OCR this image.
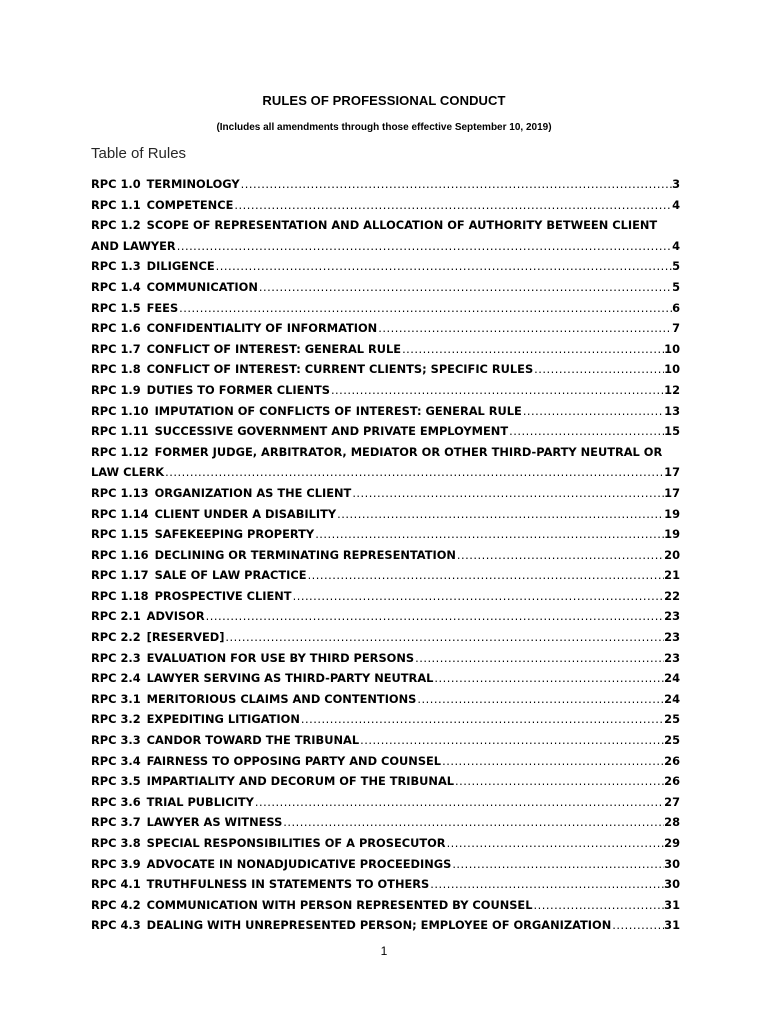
RULES OF PROFESSIONAL CONDUCT
(Includes all amendments through those effective September 10, 2019)
Table of Rules
RPC 1.0 TERMINOLOGY .....	3
RPC 1.1 COMPETENCE .....	4
RPC 1.2 SCOPE OF REPRESENTATION AND ALLOCATION OF AUTHORITY BETWEEN CLIENT
AND LAWYER .....	4
RPC 1.3 DILIGENCE .....	5
RPC 1.4 COMMUNICATION .....	5
RPC 1.5 FEES .....	6
RPC 1.6 CONFIDENTIALITY OF INFORMATION .....	7
RPC 1.7 CONFLICT OF INTEREST: GENERAL RULE .....	10
RPC 1.8 CONFLICT OF INTEREST: CURRENT CLIENTS; SPECIFIC RULES .....	10
RPC 1.9 DUTIES TO FORMER CLIENTS .....	12
RPC 1.10 IMPUTATION OF CONFLICTS OF INTEREST: GENERAL RULE .....	13
RPC 1.11 SUCCESSIVE GOVERNMENT AND PRIVATE EMPLOYMENT .....	15
RPC 1.12 FORMER JUDGE, ARBITRATOR, MEDIATOR OR OTHER THIRD-PARTY NEUTRAL OR
LAW CLERK .....	17
RPC 1.13 ORGANIZATION AS THE CLIENT .....	17
RPC 1.14 CLIENT UNDER A DISABILITY .....	19
RPC 1.15 SAFEKEEPING PROPERTY .....	19
RPC 1.16 DECLINING OR TERMINATING REPRESENTATION .....	20
RPC 1.17 SALE OF LAW PRACTICE .....	21
RPC 1.18 PROSPECTIVE CLIENT .....	22
RPC 2.1 ADVISOR .....	23
RPC 2.2 [RESERVED] .....	23
RPC 2.3 EVALUATION FOR USE BY THIRD PERSONS .....	23
RPC 2.4 LAWYER SERVING AS THIRD-PARTY NEUTRAL .....	24
RPC 3.1 MERITORIOUS CLAIMS AND CONTENTIONS .....	24
RPC 3.2 EXPEDITING LITIGATION .....	25
RPC 3.3 CANDOR TOWARD THE TRIBUNAL .....	25
RPC 3.4 FAIRNESS TO OPPOSING PARTY AND COUNSEL .....	26
RPC 3.5 IMPARTIALITY AND DECORUM OF THE TRIBUNAL .....	26
RPC 3.6 TRIAL PUBLICITY .....	27
RPC 3.7 LAWYER AS WITNESS .....	28
RPC 3.8 SPECIAL RESPONSIBILITIES OF A PROSECUTOR .....	29
RPC 3.9 ADVOCATE IN NONADJUDICATIVE PROCEEDINGS .....	30
RPC 4.1 TRUTHFULNESS IN STATEMENTS TO OTHERS .....	30
RPC 4.2 COMMUNICATION WITH PERSON REPRESENTED BY COUNSEL .....	31
RPC 4.3 DEALING WITH UNREPRESENTED PERSON; EMPLOYEE OF ORGANIZATION .....	31
1
